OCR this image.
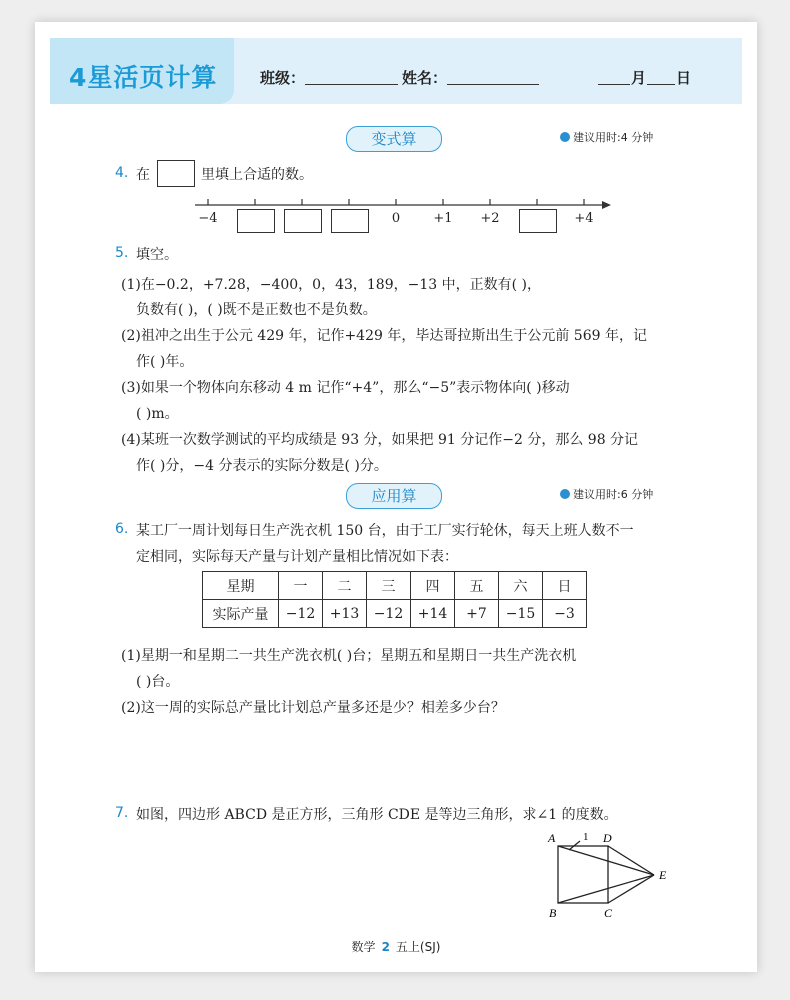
4星活页计算	班级：	姓名：	月 日
变式算	建议用时:4 分钟
4. 在	里填上合适的数。
−4	0	+1 +2	+4
5. 填空。
(1)在−0.2，+7.28，−400，0，43，189，−13 中，正数有( )，
负数有( )，( )既不是正数也不是负数。
(2)祖冲之出生于公元 429 年，记作+429 年，毕达哥拉斯出生于公元前 569 年，记
作( )年。
(3)如果一个物体向东移动 4 m 记作“+4”，那么“−5”表示物体向( )移动
( )m。
(4)某班一次数学测试的平均成绩是 93 分，如果把 91 分记作−2 分，那么 98 分记
作( )分，−4 分表示的实际分数是( )分。
应用算	建议用时:6 分钟
6. 某工厂一周计划每日生产洗衣机 150 台，由于工厂实行轮休，每天上班人数不一
定相同，实际每天产量与计划产量相比情况如下表：
星期	一	二	三	四	五	六	日
实际产量	−12	+13	−12	+14	+7	−15	−3
(1)星期一和星期二一共生产洗衣机( )台；星期五和星期日一共生产洗衣机
( )台。
(2)这一周的实际总产量比计划总产量多还是少？相差多少台？
7. 如图，四边形 ABCD 是正方形，三角形 CDE 是等边三角形，求∠1 的度数。
A	1 D
E
B	C
数学 2 五上(SJ)
